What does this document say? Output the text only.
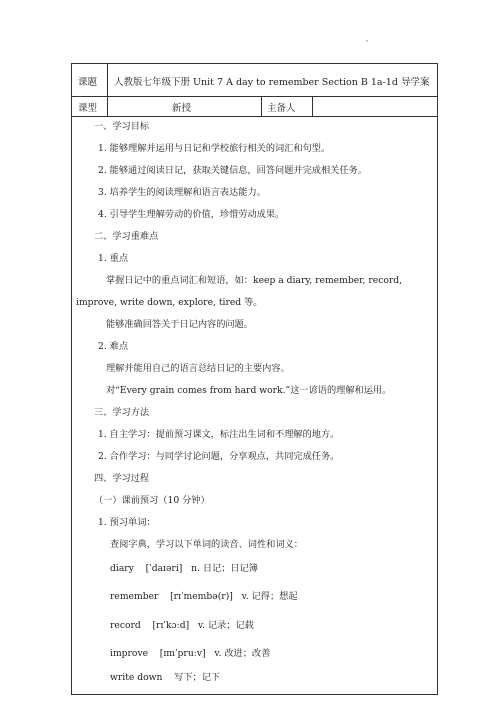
课题 人教版七年级下册 Unit 7 A day to remember Section B 1a-1d 导学案
课型	新授	主备人
一、学习目标
1. 能够理解并运用与日记和学校旅行相关的词汇和句型。
2. 能够通过阅读日记，获取关键信息，回答问题并完成相关任务。
3. 培养学生的阅读理解和语言表达能力。
4. 引导学生理解劳动的价值，珍惜劳动成果。
二、学习重难点
1. 重点
掌握日记中的重点词汇和短语，如：keep a diary, remember, record,
improve, write down, explore, tired 等。
能够准确回答关于日记内容的问题。
2. 难点
理解并能用自己的语言总结日记的主要内容。
对“Every grain comes from hard work.”这一谚语的理解和运用。
三、学习方法
1. 自主学习：提前预习课文，标注出生词和不理解的地方。
2. 合作学习：与同学讨论问题，分享观点，共同完成任务。
四、学习过程
（一）课前预习（10 分钟）
1. 预习单词：
查阅字典，学习以下单词的读音、词性和词义：
diary [ˈdaɪəri] n. 日记；日记簿
remember [rɪˈmembə(r)] v. 记得；想起
record [rɪˈkɔːd] v. 记录；记载
improve [ɪmˈpruːv] v. 改进；改善
write down 写下；记下
